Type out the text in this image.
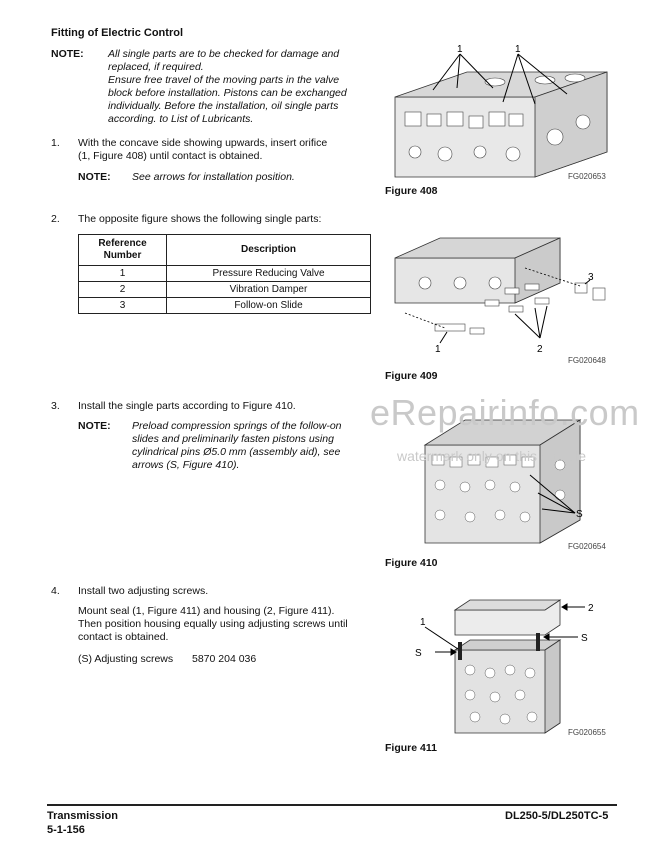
Fitting of Electric Control
NOTE: All single parts are to be checked for damage and
replaced, if required.
Ensure free travel of the moving parts in the valve
block before installation. Pistons can be exchanged
individually. Before the installation, oil single parts
according. to List of Lubricants.
1. With the concave side showing upwards, insert orifice
(1, Figure 408) until contact is obtained.
NOTE: See arrows for installation position.
1	1
FG020653
Figure 408
2. The opposite figure shows the following single parts:
Reference
Number	Description
1	Pressure Reducing Valve
2	Vibration Damper
3	Follow-on Slide
1	2
3
FG020648
Figure 409
3. Install the single parts according to Figure 410.
NOTE: Preload compression springs of the follow-on
slides and preliminarily fasten pistons using
cylindrical pins Ø5.0 mm (assembly aid), see
arrows (S, Figure 410).
S
FG020654
Figure 410
eRepairinfo.com
watermark only on this sample
4. Install two adjusting screws.
Mount seal (1, Figure 411) and housing (2, Figure 411).
Then position housing equally using adjusting screws until
contact is obtained.
(S) Adjusting screws 5870 204 036
1
2
S
S
FG020655
Figure 411
Transmission
5-1-156
DL250-5/DL250TC-5
